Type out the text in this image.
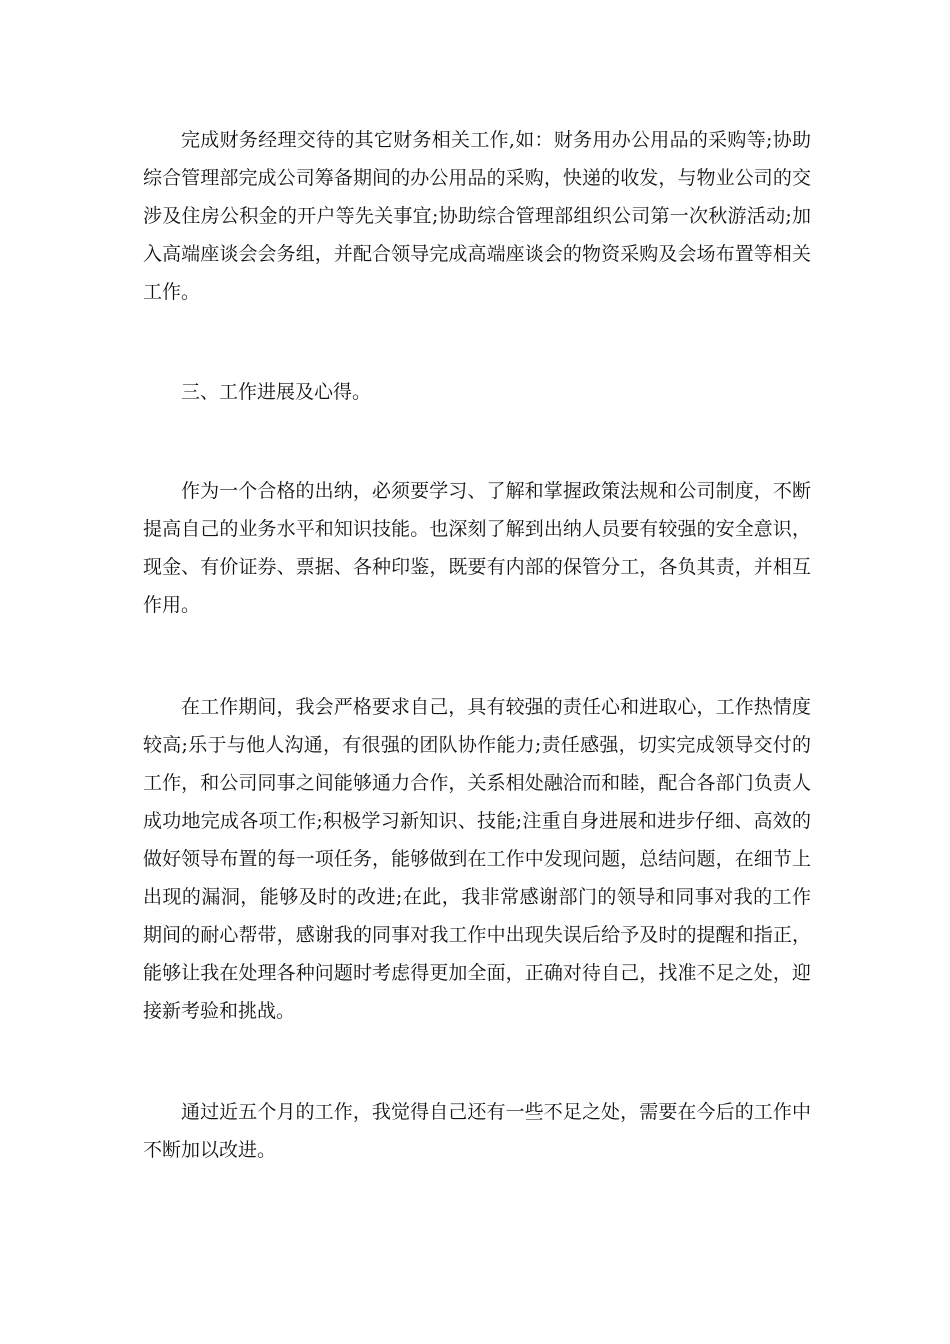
完成财务经理交待的其它财务相关工作,如：财务用办公用品的采购等;协助综合管理部完成公司筹备期间的办公用品的采购，快递的收发，与物业公司的交涉及住房公积金的开户等先关事宜;协助综合管理部组织公司第一次秋游活动;加入高端座谈会会务组，并配合领导完成高端座谈会的物资采购及会场布置等相关工作。

三、工作进展及心得。

作为一个合格的出纳，必须要学习、了解和掌握政策法规和公司制度，不断提高自己的业务水平和知识技能。也深刻了解到出纳人员要有较强的安全意识，现金、有价证券、票据、各种印鉴，既要有内部的保管分工，各负其责，并相互作用。

在工作期间，我会严格要求自己，具有较强的责任心和进取心，工作热情度较高;乐于与他人沟通，有很强的团队协作能力;责任感强，切实完成领导交付的工作，和公司同事之间能够通力合作，关系相处融洽而和睦，配合各部门负责人成功地完成各项工作;积极学习新知识、技能;注重自身进展和进步仔细、高效的做好领导布置的每一项任务，能够做到在工作中发现问题，总结问题，在细节上出现的漏洞，能够及时的改进;在此，我非常感谢部门的领导和同事对我的工作期间的耐心帮带，感谢我的同事对我工作中出现失误后给予及时的提醒和指正，能够让我在处理各种问题时考虑得更加全面，正确对待自己，找准不足之处，迎接新考验和挑战。

通过近五个月的工作，我觉得自己还有一些不足之处，需要在今后的工作中不断加以改进。
